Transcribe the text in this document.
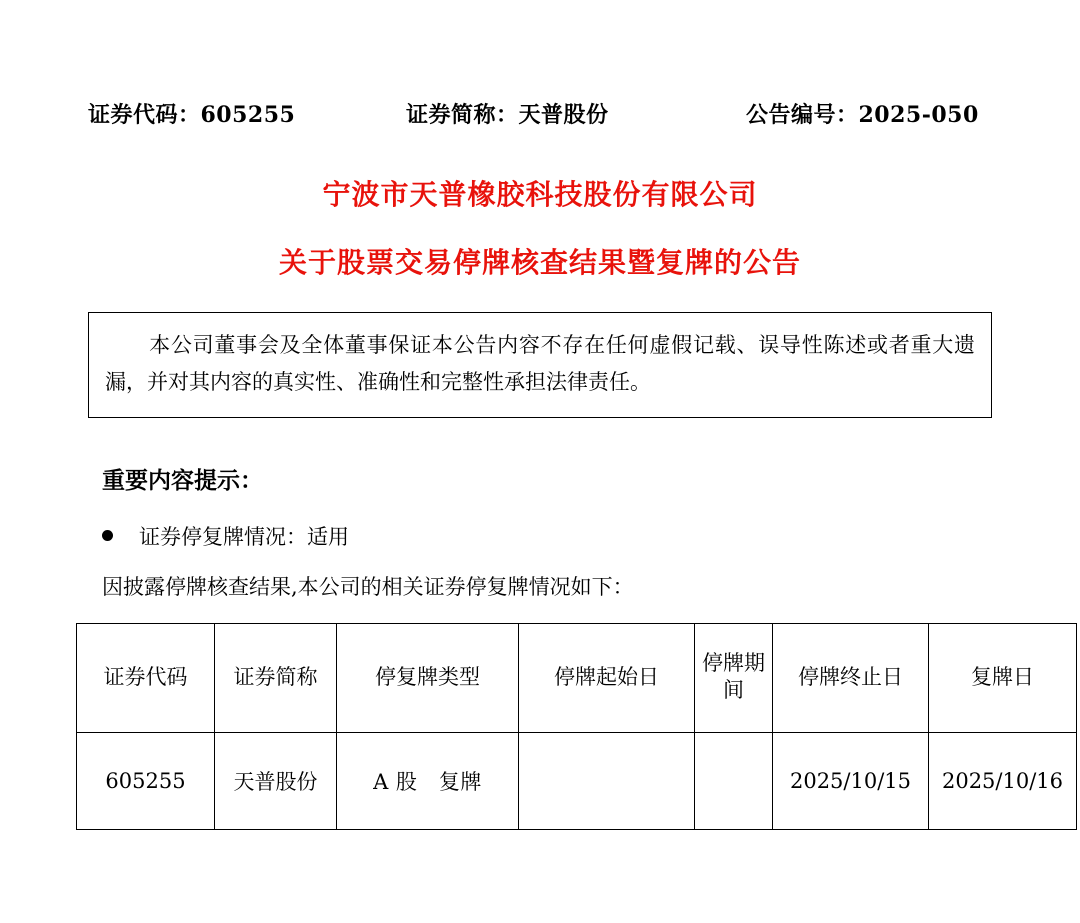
证券代码：605255	证券简称：天普股份	公告编号：2025-050
宁波市天普橡胶科技股份有限公司
关于股票交易停牌核查结果暨复牌的公告

本公司董事会及全体董事保证本公告内容不存在任何虚假记载、误导性陈述或者重大遗漏，并对其内容的真实性、准确性和完整性承担法律责任。

重要内容提示：
证券停复牌情况：适用
因披露停牌核查结果,本公司的相关证券停复牌情况如下：
证券代码	证券简称	停复牌类型	停牌起始日	停牌期间	停牌终止日	复牌日
605255	天普股份	A 股　复牌			2025/10/15	2025/10/16
